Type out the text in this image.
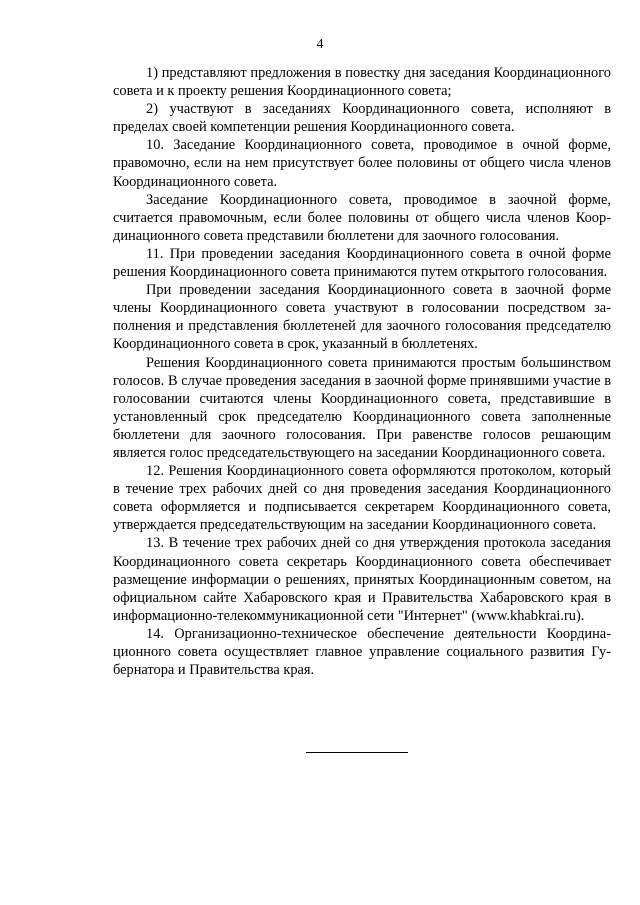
4

1) представляют предложения в повестку дня заседания Координационного совета и к проекту решения Координационного совета;

2) участвуют в заседаниях Координационного совета, исполняют в пределах своей компетенции решения Координационного совета.

10. Заседание Координационного совета, проводимое в очной форме, правомочно, если на нем присутствует более половины от общего числа членов Координационного совета.

Заседание Координационного совета, проводимое в заочной форме, считается правомочным, если более половины от общего числа членов Координационного совета представили бюллетени для заочного голосования.

11. При проведении заседания Координационного совета в очной форме решения Координационного совета принимаются путем открытого голосования.

При проведении заседания Координационного совета в заочной форме члены Координационного совета участвуют в голосовании посредством заполнения и представления бюллетеней для заочного голосования председателю Координационного совета в срок, указанный в бюллетенях.

Решения Координационного совета принимаются простым большинством голосов. В случае проведения заседания в заочной форме принявшими участие в голосовании считаются члены Координационного совета, представившие в установленный срок председателю Координационного совета заполненные бюллетени для заочного голосования. При равенстве голосов решающим является голос председательствующего на заседании Координационного совета.

12. Решения Координационного совета оформляются протоколом, который в течение трех рабочих дней со дня проведения заседания Координационного совета оформляется и подписывается секретарем Координационного совета, утверждается председательствующим на заседании Координационного совета.

13. В течение трех рабочих дней со дня утверждения протокола заседания Координационного совета секретарь Координационного совета обеспечивает размещение информации о решениях, принятых Координационным советом, на официальном сайте Хабаровского края и Правительства Хабаровского края в информационно-телекоммуникационной сети "Интернет" (www.khabkrai.ru).

14. Организационно-техническое обеспечение деятельности Координационного совета осуществляет главное управление социального развития Губернатора и Правительства края.
